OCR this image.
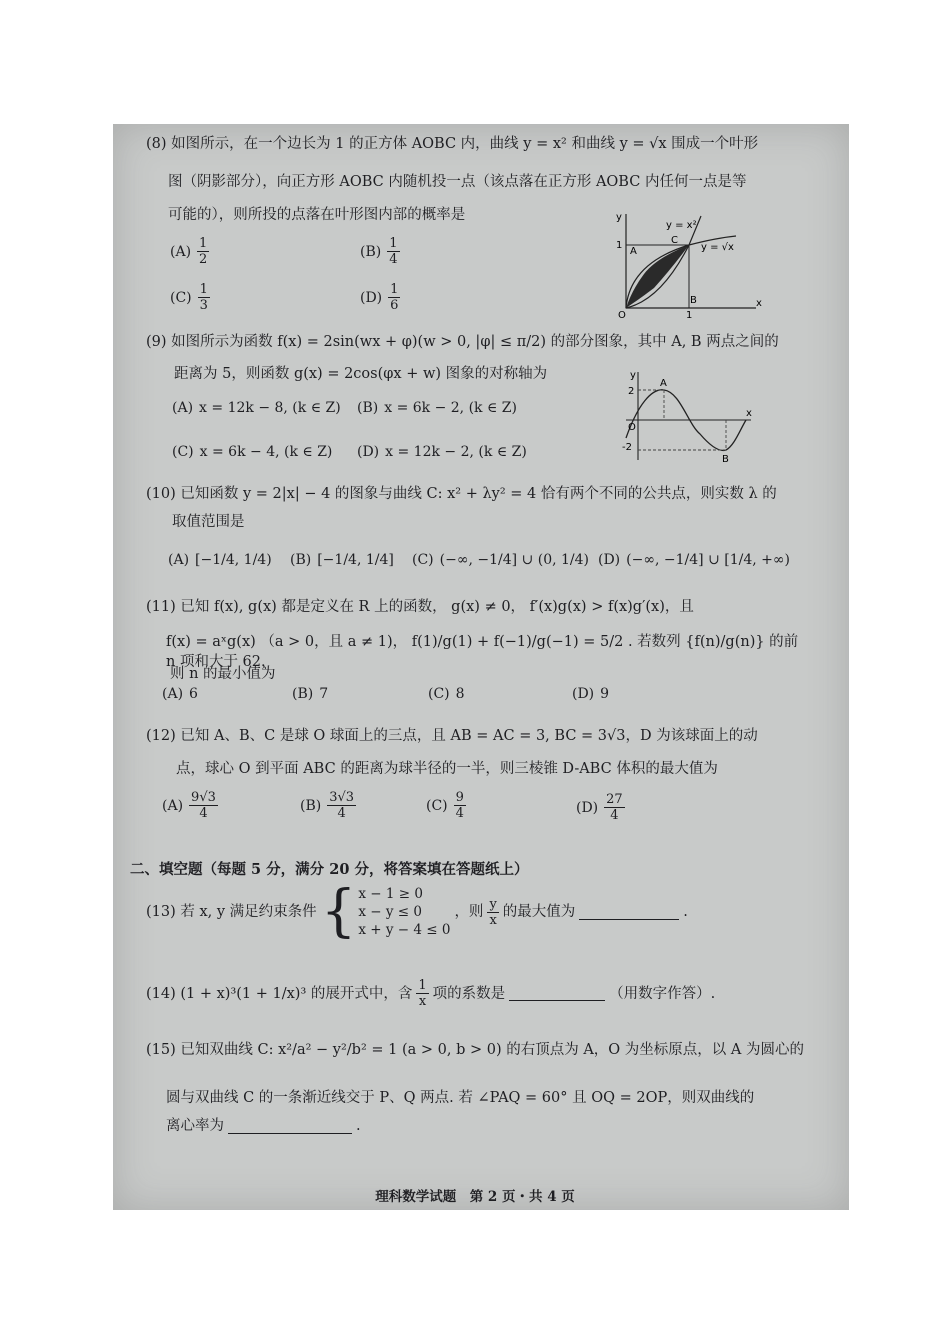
(8) 如图所示，在一个边长为 1 的正方体 AOBC 内，曲线 y = x² 和曲线 y = √x 围成一个叶形
图（阴影部分），向正方形 AOBC 内随机投一点（该点落在正方形 AOBC 内任何一点是等
可能的），则所投的点落在叶形图内部的概率是
$(A) \frac{1}{2}$	$(B) \frac{1}{4}$
$(C) \frac{1}{3}$	$(D) \frac{1}{6}$
y
x
y = x²
y = √x
1
A
C
B
O	1
(9) 如图所示为函数 f(x) = 2sin(wx + φ)(w > 0, |φ| ≤ π/2) 的部分图象，其中 A, B 两点之间的
距离为 5，则函数 g(x) = 2cos(φx + w) 图象的对称轴为
(A) x = 12k − 8, (k ∈ Z) (B) x = 6k − 2, (k ∈ Z)
(C) x = 6k − 4, (k ∈ Z) (D) x = 12k − 2, (k ∈ Z)
y
x
2
-2
O
A
B
(10) 已知函数 y = 2|x| − 4 的图象与曲线 C: x² + λy² = 4 恰有两个不同的公共点，则实数 λ 的
取值范围是
(A) [−1/4, 1/4) (B) [−1/4, 1/4] (C) (−∞, −1/4] ∪ (0, 1/4) (D) (−∞, −1/4] ∪ [1/4, +∞)
(11) 已知 f(x), g(x) 都是定义在 R 上的函数， g(x) ≠ 0， f′(x)g(x) > f(x)g′(x)，且
f(x) = aˣg(x) （a > 0，且 a ≠ 1)， f(1)/g(1) + f(−1)/g(−1) = 5/2 . 若数列 {f(n)/g(n)} 的前 n 项和大于 62，
则 n 的最小值为
(A) 6	(B) 7	(C) 8	(D) 9
(12) 已知 A、B、C 是球 O 球面上的三点，且 AB = AC = 3, BC = 3√3，D 为该球面上的动
点，球心 O 到平面 ABC 的距离为球半径的一半，则三棱锥 D-ABC 体积的最大值为
$(A) \frac{9√3}{4}$	$(B) \frac{3√3}{4}$	$(C) \frac{9}{4}$	$(D) \frac{27}{4}$
二、填空题（每题 5 分，满分 20 分，将答案填在答题纸上）
(13) 若 x, y 满足约束条件 { x − 1 ≥ 0
x − y ≤ 0
x + y − 4 ≤ 0
，则 $\frac{y}{x}$ 的最大值为	.
(14) (1 + x)³(1 + 1/x)³ 的展开式中，含 $\frac{1}{x}$ 项的系数是	（用数字作答）.
(15) 已知双曲线 C: x²/a² − y²/b² = 1 (a > 0, b > 0) 的右顶点为 A，O 为坐标原点，以 A 为圆心的
圆与双曲线 C 的一条渐近线交于 P、Q 两点. 若 ∠PAQ = 60° 且 OQ = 2OP，则双曲线的
离心率为	.
理科数学试题　第 2 页・共 4 页
